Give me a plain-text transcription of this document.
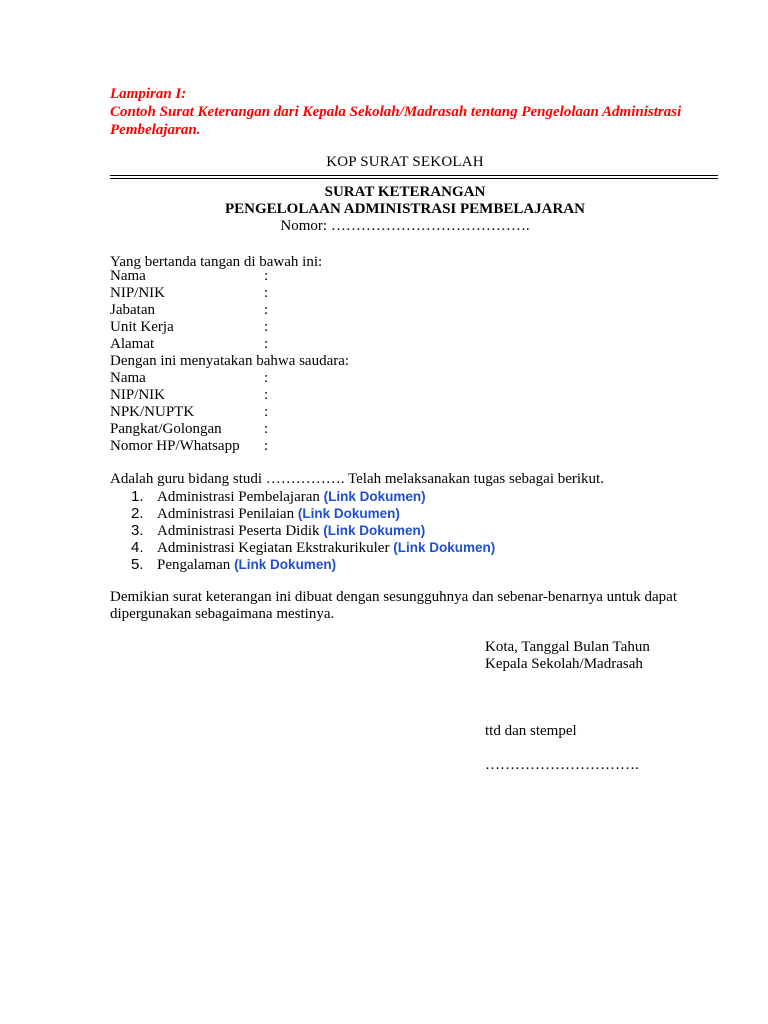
Lampiran I:
Contoh Surat Keterangan dari Kepala Sekolah/Madrasah tentang Pengelolaan Administrasi Pembelajaran.
KOP SURAT SEKOLAH
SURAT KETERANGAN
PENGELOLAAN ADMINISTRASI PEMBELAJARAN
Nomor: ………………………………….
Yang bertanda tangan di bawah ini:
Nama	:
NIP/NIK	:
Jabatan	:
Unit Kerja	:
Alamat	:
Dengan ini menyatakan bahwa saudara:
Nama	:
NIP/NIK	:
NPK/NUPTK	:
Pangkat/Golongan	:
Nomor HP/Whatsapp :
Adalah guru bidang studi ……………. Telah melaksanakan tugas sebagai berikut.
1. Administrasi Pembelajaran (Link Dokumen)
2. Administrasi Penilaian (Link Dokumen)
3. Administrasi Peserta Didik (Link Dokumen)
4. Administrasi Kegiatan Ekstrakurikuler (Link Dokumen)
5. Pengalaman (Link Dokumen)
Demikian surat keterangan ini dibuat dengan sesungguhnya dan sebenar-benarnya untuk dapat dipergunakan sebagaimana mestinya.
Kota, Tanggal Bulan Tahun
Kepala Sekolah/Madrasah
ttd dan stempel
………………………….
